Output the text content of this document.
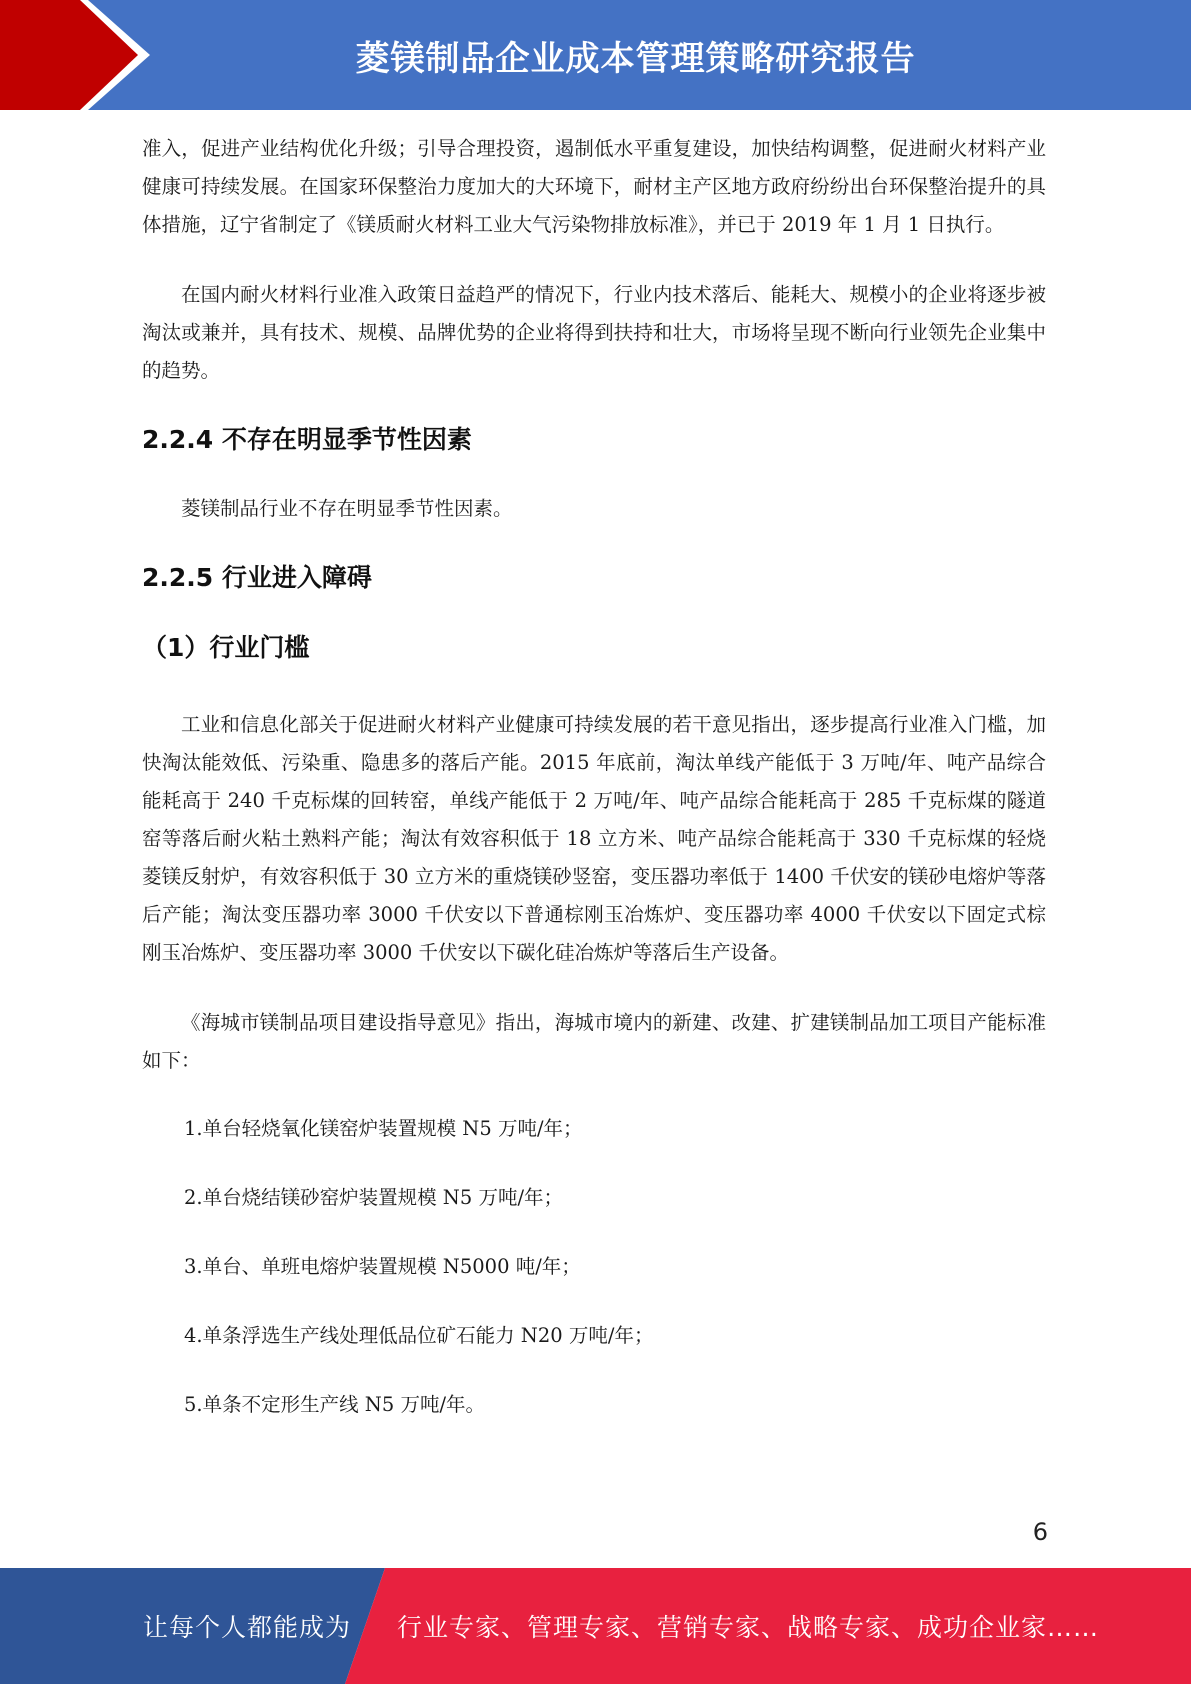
菱镁制品企业成本管理策略研究报告

准入，促进产业结构优化升级；引导合理投资，遏制低水平重复建设，加快结构调整，促进耐火材料产业健康可持续发展。在国家环保整治力度加大的大环境下，耐材主产区地方政府纷纷出台环保整治提升的具体措施，辽宁省制定了《镁质耐火材料工业大气污染物排放标准》，并已于 2019 年 1 月 1 日执行。

在国内耐火材料行业准入政策日益趋严的情况下，行业内技术落后、能耗大、规模小的企业将逐步被淘汰或兼并，具有技术、规模、品牌优势的企业将得到扶持和壮大，市场将呈现不断向行业领先企业集中的趋势。

2.2.4 不存在明显季节性因素

菱镁制品行业不存在明显季节性因素。

2.2.5 行业进入障碍
（1）行业门槛

工业和信息化部关于促进耐火材料产业健康可持续发展的若干意见指出，逐步提高行业准入门槛，加快淘汰能效低、污染重、隐患多的落后产能。2015 年底前，淘汰单线产能低于 3 万吨/年、吨产品综合能耗高于 240 千克标煤的回转窑，单线产能低于 2 万吨/年、吨产品综合能耗高于 285 千克标煤的隧道窑等落后耐火粘土熟料产能；淘汰有效容积低于 18 立方米、吨产品综合能耗高于 330 千克标煤的轻烧菱镁反射炉，有效容积低于 30 立方米的重烧镁砂竖窑，变压器功率低于 1400 千伏安的镁砂电熔炉等落后产能；淘汰变压器功率 3000 千伏安以下普通棕刚玉冶炼炉、变压器功率 4000 千伏安以下固定式棕刚玉冶炼炉、变压器功率 3000 千伏安以下碳化硅冶炼炉等落后生产设备。

《海城市镁制品项目建设指导意见》指出，海城市境内的新建、改建、扩建镁制品加工项目产能标准如下：

1.单台轻烧氧化镁窑炉装置规模 N5 万吨/年；

2.单台烧结镁砂窑炉装置规模 N5 万吨/年；

3.单台、单班电熔炉装置规模 N5000 吨/年；

4.单条浮选生产线处理低品位矿石能力 N20 万吨/年；

5.单条不定形生产线 N5 万吨/年。

6
让每个人都能成为 行业专家、管理专家、营销专家、战略专家、成功企业家……
